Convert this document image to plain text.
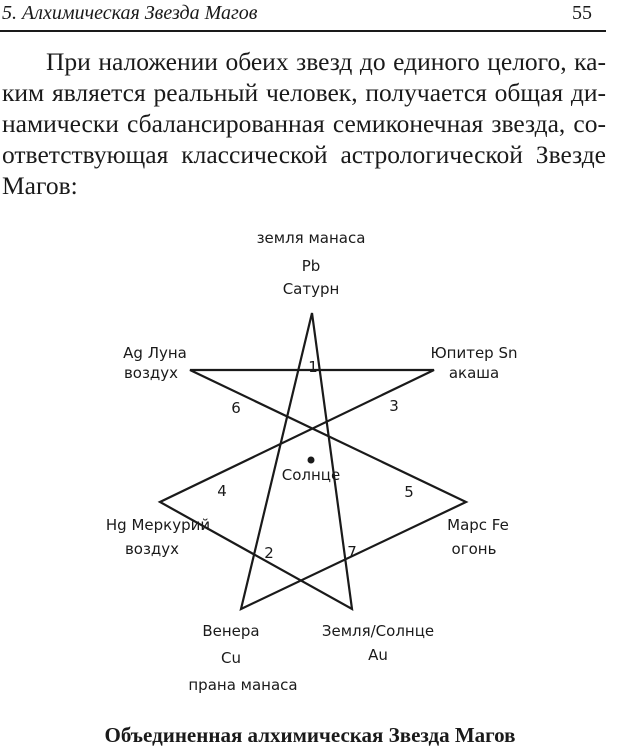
5. Алхимическая Звезда Магов	55

При наложении обеих звезд до единого целого, каким является реальный человек, получается общая динамически сбалансированная семиконечная звезда, соответствующая классической астрологической Звезде Магов:

земля манаса
Pb
Сатурн
Ag Луна
воздух
Юпитер Sn
акаша
Hg Меркурий
воздух
Марс Fe
огонь
Венера
Cu
прана манаса
Земля/Солнце
Au
Солнце
1
2
3
4	5
6
7
Объединенная алхимическая Звезда Магов
